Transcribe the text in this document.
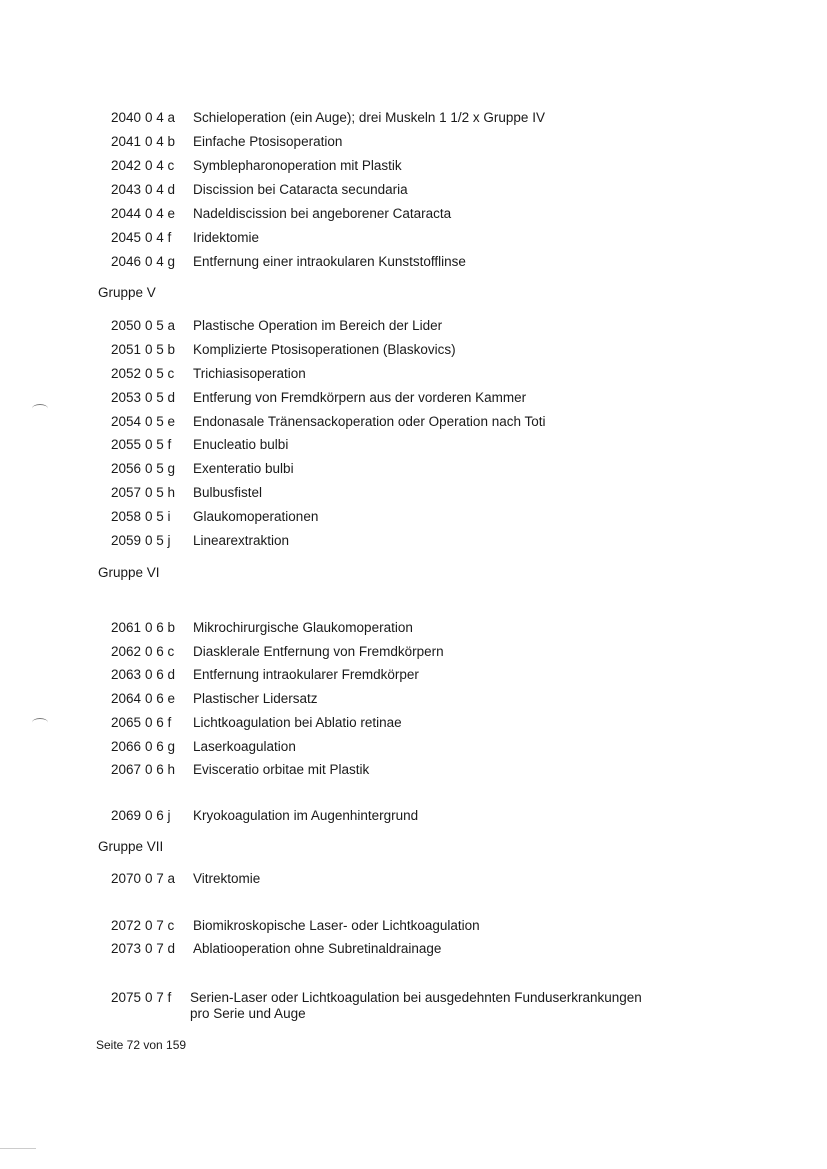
2040 0 4 a Schieloperation (ein Auge); drei Muskeln 1 1/2 x Gruppe IV
2041 0 4 b Einfache Ptosisoperation
2042 0 4 c Symblepharonoperation mit Plastik
2043 0 4 d Discission bei Cataracta secundaria
2044 0 4 e Nadeldiscission bei angeborener Cataracta
2045 0 4 f Iridektomie
2046 0 4 g Entfernung einer intraokularen Kunststofflinse
Gruppe V
2050 0 5 a Plastische Operation im Bereich der Lider
2051 0 5 b Komplizierte Ptosisoperationen (Blaskovics)
2052 0 5 c Trichiasisoperation
2053 0 5 d Entferung von Fremdkörpern aus der vorderen Kammer
2054 0 5 e Endonasale Tränensackoperation oder Operation nach Toti
2055 0 5 f Enucleatio bulbi
2056 0 5 g Exenteratio bulbi
2057 0 5 h Bulbusfistel
2058 0 5 i Glaukomoperationen
2059 0 5 j Linearextraktion
Gruppe VI
2061 0 6 b Mikrochirurgische Glaukomoperation
2062 0 6 c Diasklerale Entfernung von Fremdkörpern
2063 0 6 d Entfernung intraokularer Fremdkörper
2064 0 6 e Plastischer Lidersatz
2065 0 6 f Lichtkoagulation bei Ablatio retinae
2066 0 6 g Laserkoagulation
2067 0 6 h Evisceratio orbitae mit Plastik
2069 0 6 j Kryokoagulation im Augenhintergrund
Gruppe VII
2070 0 7 a Vitrektomie
2072 0 7 c Biomikroskopische Laser- oder Lichtkoagulation
2073 0 7 d Ablatiooperation ohne Subretinaldrainage
2075 0 7 f Serien-Laser oder Lichtkoagulation bei ausgedehnten Funduserkrankungen
pro Serie und Auge
Seite 72 von 159
